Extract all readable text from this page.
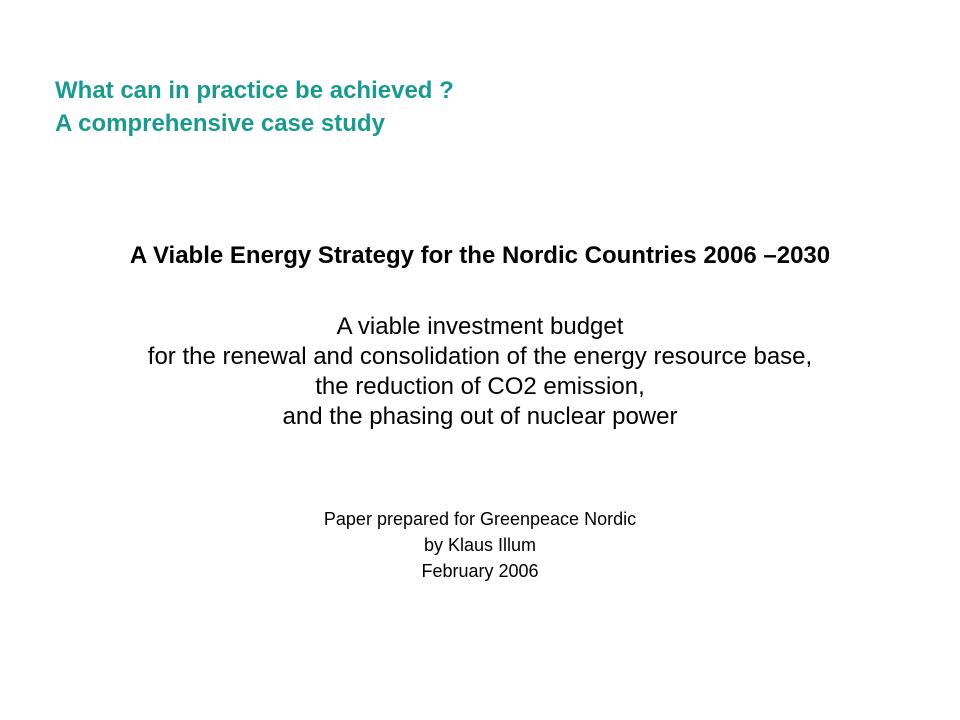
What can in practice be achieved ?
A comprehensive case study
A Viable Energy Strategy for the Nordic Countries 2006 –2030
A viable investment budget
for the renewal and consolidation of the energy resource base,
the reduction of CO2 emission,
and the phasing out of nuclear power
Paper prepared for Greenpeace Nordic
by Klaus Illum
February 2006
